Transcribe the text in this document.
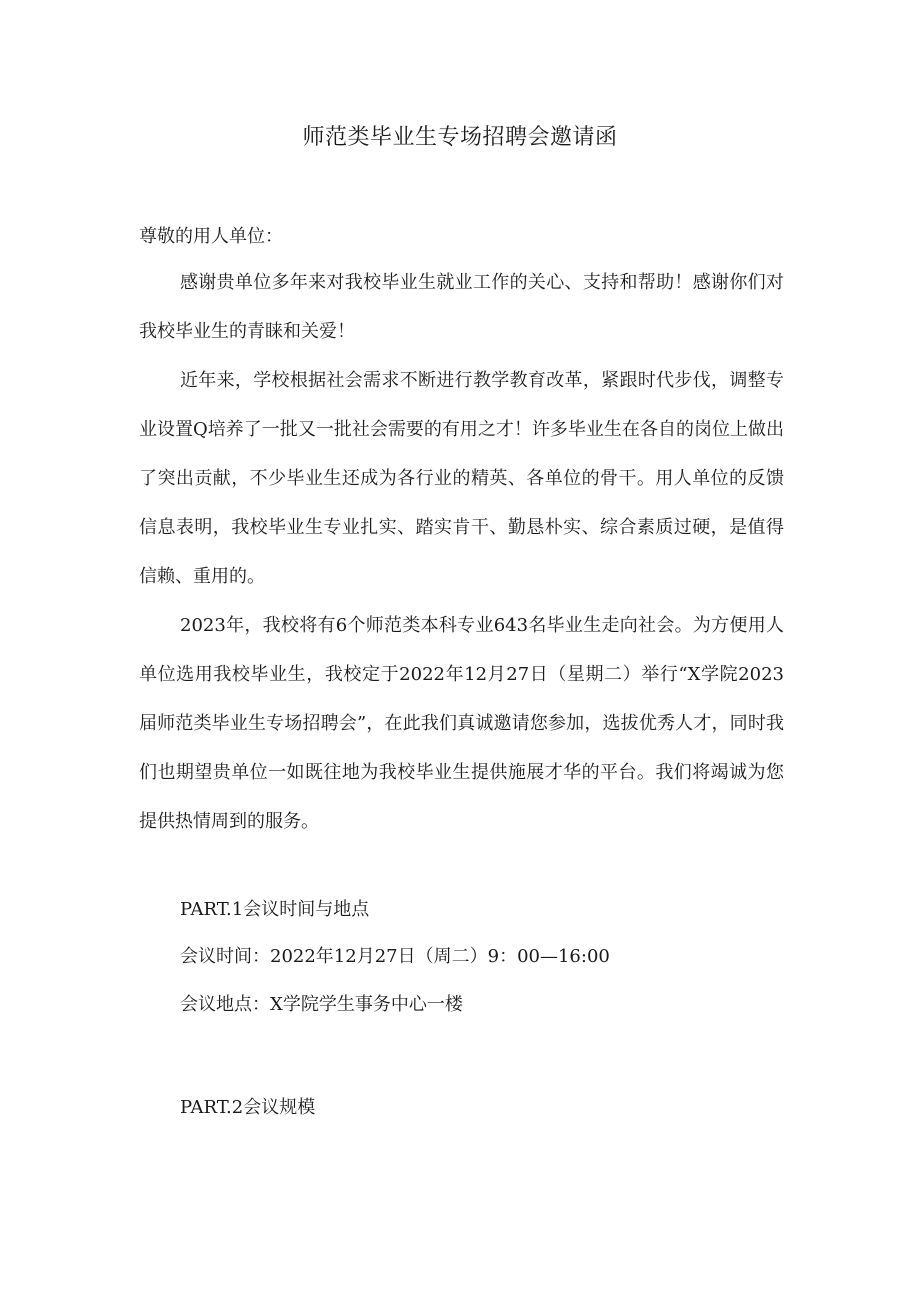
师范类毕业生专场招聘会邀请函

尊敬的用人单位：

感谢贵单位多年来对我校毕业生就业工作的关心、支持和帮助！感谢你们对我校毕业生的青睐和关爱！

近年来，学校根据社会需求不断进行教学教育改革，紧跟时代步伐，调整专业设置Q培养了一批又一批社会需要的有用之才！许多毕业生在各自的岗位上做出了突出贡献，不少毕业生还成为各行业的精英、各单位的骨干。用人单位的反馈信息表明，我校毕业生专业扎实、踏实肯干、勤恳朴实、综合素质过硬，是值得信赖、重用的。

2023年，我校将有6个师范类本科专业643名毕业生走向社会。为方便用人单位选用我校毕业生，我校定于2022年12月27日（星期二）举行“X学院2023届师范类毕业生专场招聘会”，在此我们真诚邀请您参加，选拔优秀人才，同时我们也期望贵单位一如既往地为我校毕业生提供施展才华的平台。我们将竭诚为您提供热情周到的服务。

PART.1会议时间与地点

会议时间：2022年12月27日（周二）9：00—16:00

会议地点：X学院学生事务中心一楼

PART.2会议规模
